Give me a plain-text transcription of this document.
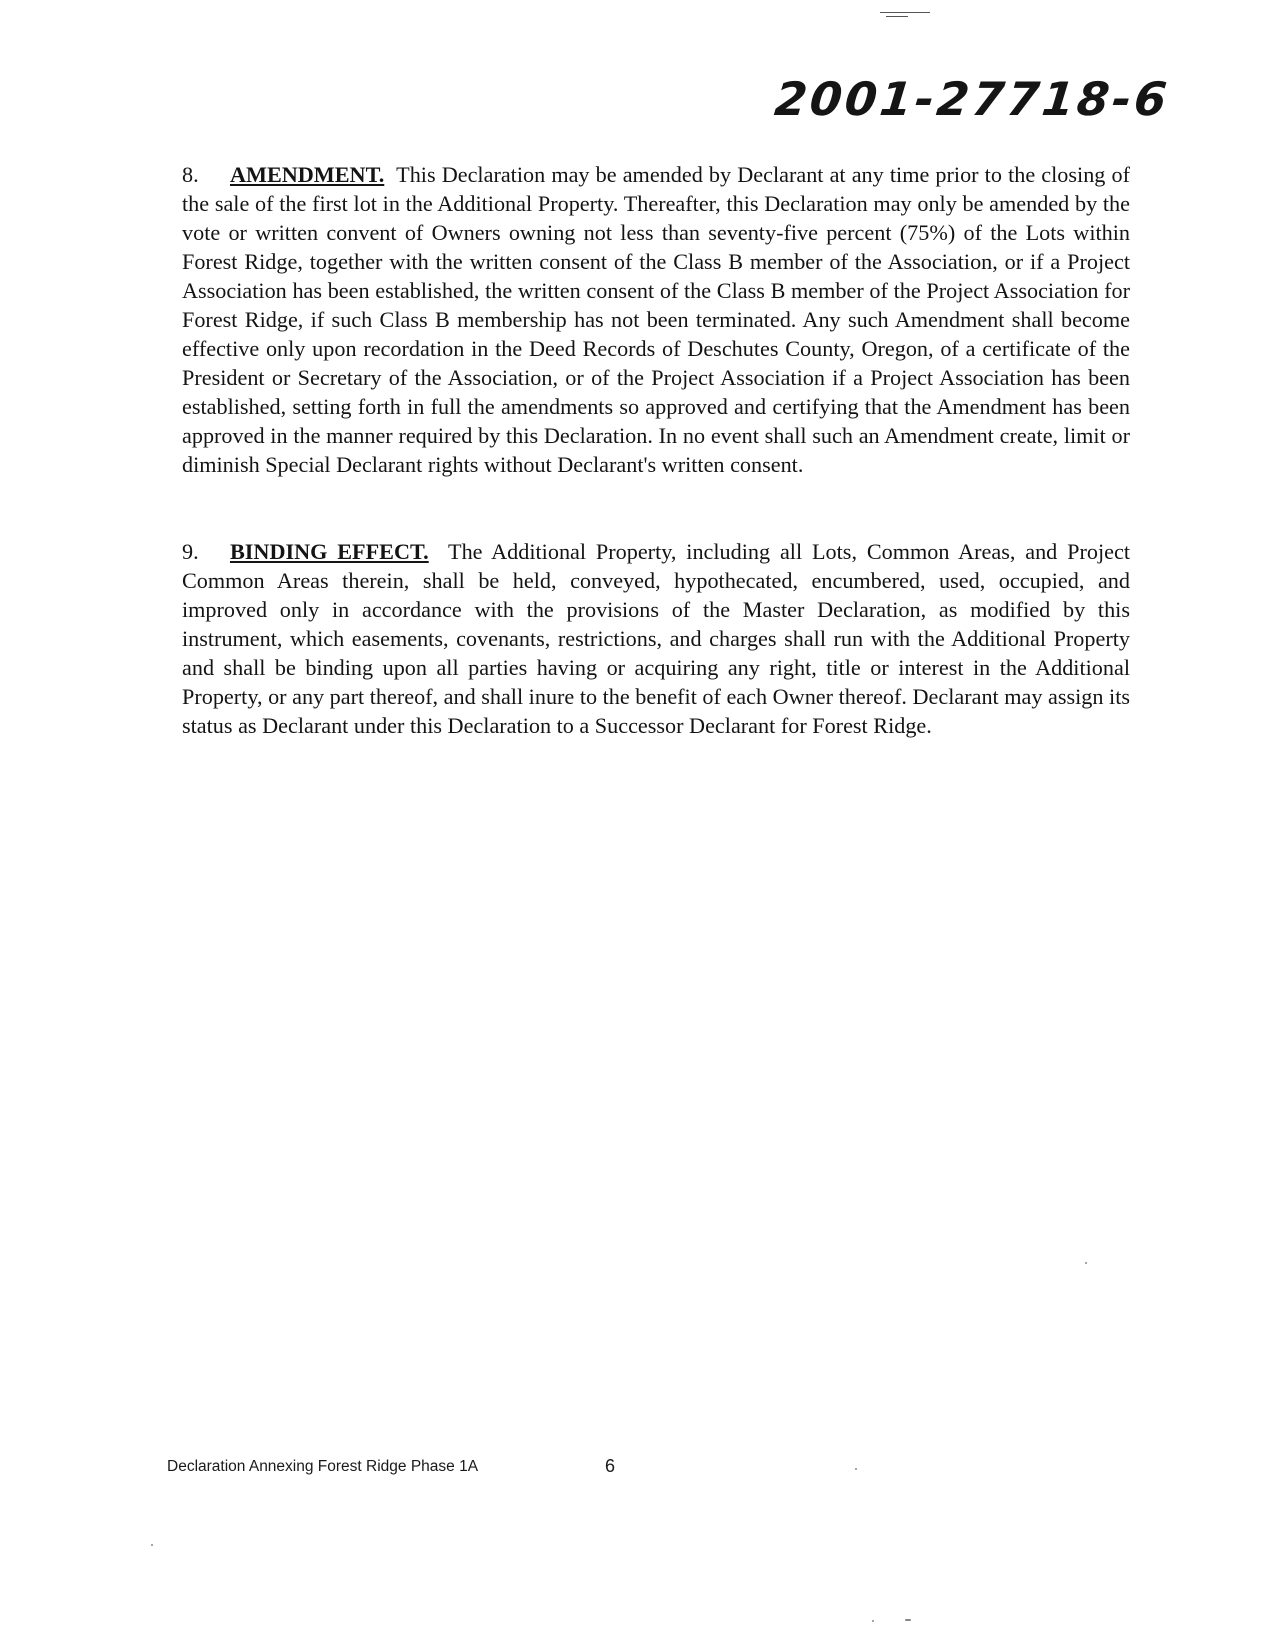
2001-27718-6
8. AMENDMENT. This Declaration may be amended by Declarant at any time prior to the closing of the sale of the first lot in the Additional Property. Thereafter, this Declaration may only be amended by the vote or written convent of Owners owning not less than seventy-five percent (75%) of the Lots within Forest Ridge, together with the written consent of the Class B member of the Association, or if a Project Association has been established, the written consent of the Class B member of the Project Association for Forest Ridge, if such Class B membership has not been terminated. Any such Amendment shall become effective only upon recordation in the Deed Records of Deschutes County, Oregon, of a certificate of the President or Secretary of the Association, or of the Project Association if a Project Association has been established, setting forth in full the amendments so approved and certifying that the Amendment has been approved in the manner required by this Declaration. In no event shall such an Amendment create, limit or diminish Special Declarant rights without Declarant's written consent.
9. BINDING EFFECT. The Additional Property, including all Lots, Common Areas, and Project Common Areas therein, shall be held, conveyed, hypothecated, encumbered, used, occupied, and improved only in accordance with the provisions of the Master Declaration, as modified by this instrument, which easements, covenants, restrictions, and charges shall run with the Additional Property and shall be binding upon all parties having or acquiring any right, title or interest in the Additional Property, or any part thereof, and shall inure to the benefit of each Owner thereof. Declarant may assign its status as Declarant under this Declaration to a Successor Declarant for Forest Ridge.
Declaration Annexing Forest Ridge Phase 1A	6
